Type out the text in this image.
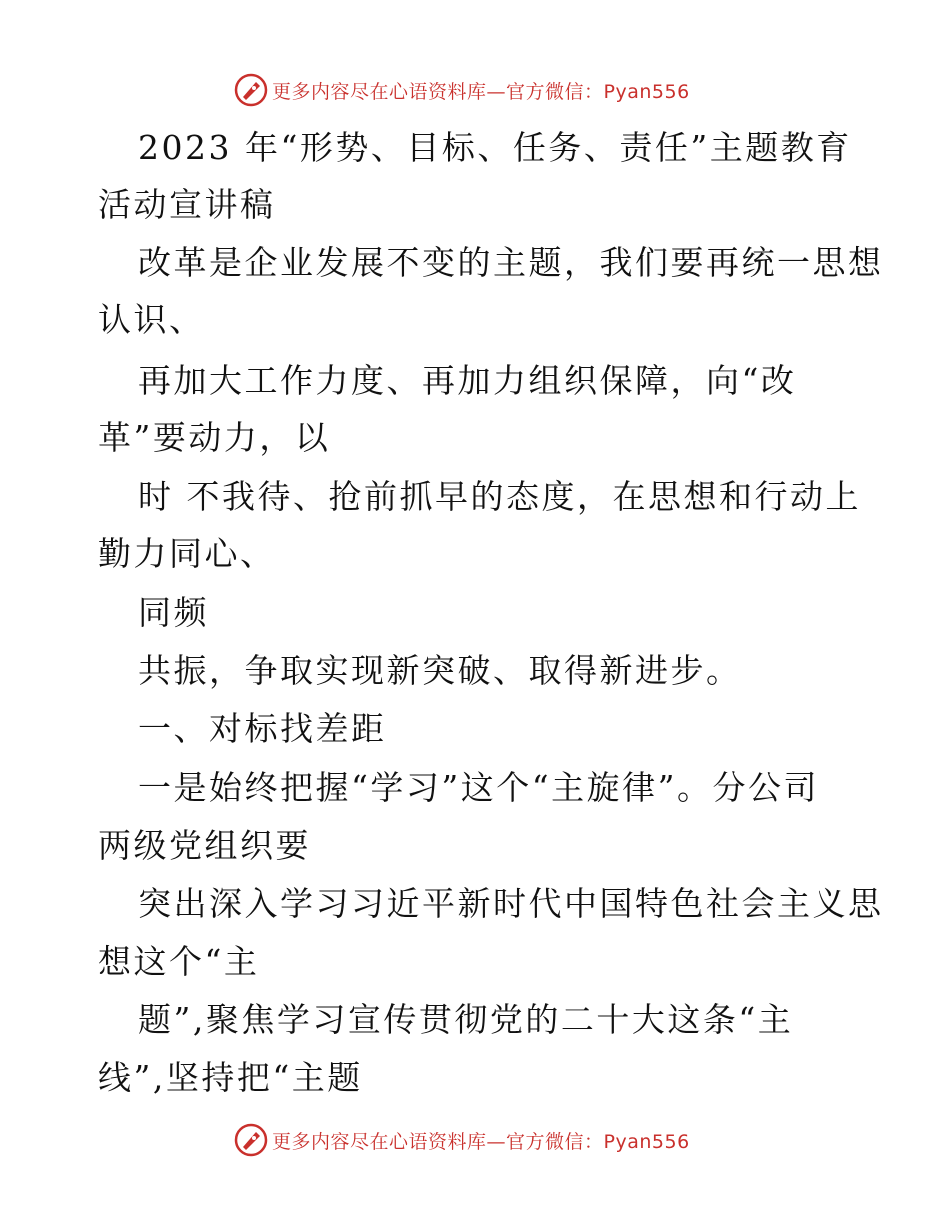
更多内容尽在心语资料库—官方微信：Pyan556
2023 年“形势、目标、任务、责任”主题教育
活动宣讲稿
改革是企业发展不变的主题，我们要再统一思想
认识、
再加大工作力度、再加力组织保障，向“改
革”要动力，以
时 不我待、抢前抓早的态度，在思想和行动上
勤力同心、
同频
共振，争取实现新突破、取得新进步。
一、对标找差距
一是始终把握“学习”这个“主旋律”。分公司
两级党组织要
突出深入学习习近平新时代中国特色社会主义思
想这个“主
题”,聚焦学习宣传贯彻党的二十大这条“主
线”,坚持把“主题
更多内容尽在心语资料库—官方微信：Pyan556
